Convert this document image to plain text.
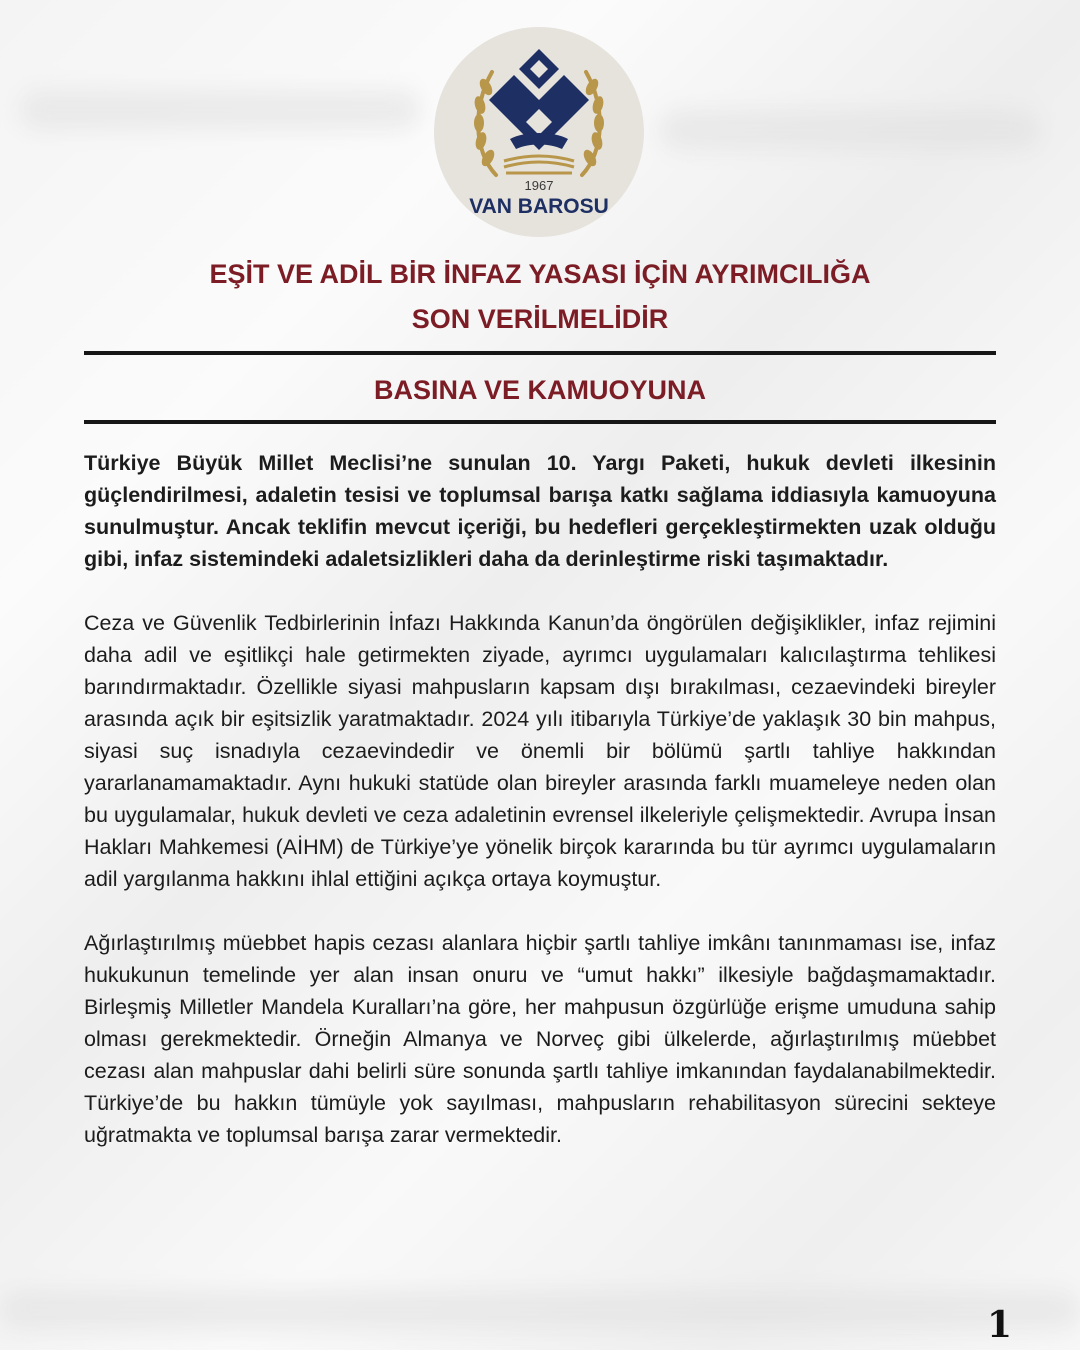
1967
VAN BAROSU
EŞİT VE ADİL BİR İNFAZ YASASI İÇİN AYRIMCILIĞA
SON VERİLMELİDİR
BASINA VE KAMUOYUNA

Türkiye Büyük Millet Meclisi’ne sunulan 10. Yargı Paketi, hukuk devleti ilkesinin güçlendirilmesi, adaletin tesisi ve toplumsal barışa katkı sağlama iddiasıyla kamuoyuna sunulmuştur. Ancak teklifin mevcut içeriği, bu hedefleri gerçekleştirmekten uzak olduğu gibi, infaz sistemindeki adaletsizlikleri daha da derinleştirme riski taşımaktadır.

Ceza ve Güvenlik Tedbirlerinin İnfazı Hakkında Kanun’da öngörülen değişiklikler, infaz rejimini daha adil ve eşitlikçi hale getirmekten ziyade, ayrımcı uygulamaları kalıcılaştırma tehlikesi barındırmaktadır. Özellikle siyasi mahpusların kapsam dışı bırakılması, cezaevindeki bireyler arasında açık bir eşitsizlik yaratmaktadır. 2024 yılı itibarıyla Türkiye’de yaklaşık 30 bin mahpus, siyasi suç isnadıyla cezaevindedir ve önemli bir bölümü şartlı tahliye hakkından yararlanamamaktadır. Aynı hukuki statüde olan bireyler arasında farklı muameleye neden olan bu uygulamalar, hukuk devleti ve ceza adaletinin evrensel ilkeleriyle çelişmektedir. Avrupa İnsan Hakları Mahkemesi (AİHM) de Türkiye’ye yönelik birçok kararında bu tür ayrımcı uygulamaların adil yargılanma hakkını ihlal ettiğini açıkça ortaya koymuştur.

Ağırlaştırılmış müebbet hapis cezası alanlara hiçbir şartlı tahliye imkânı tanınmaması ise, infaz hukukunun temelinde yer alan insan onuru ve “umut hakkı” ilkesiyle bağdaşmamaktadır. Birleşmiş Milletler Mandela Kuralları’na göre, her mahpusun özgürlüğe erişme umuduna sahip olması gerekmektedir. Örneğin Almanya ve Norveç gibi ülkelerde, ağırlaştırılmış müebbet cezası alan mahpuslar dahi belirli süre sonunda şartlı tahliye imkanından faydalanabilmektedir. Türkiye’de bu hakkın tümüyle yok sayılması, mahpusların rehabilitasyon sürecini sekteye uğratmakta ve toplumsal barışa zarar vermektedir.

1
